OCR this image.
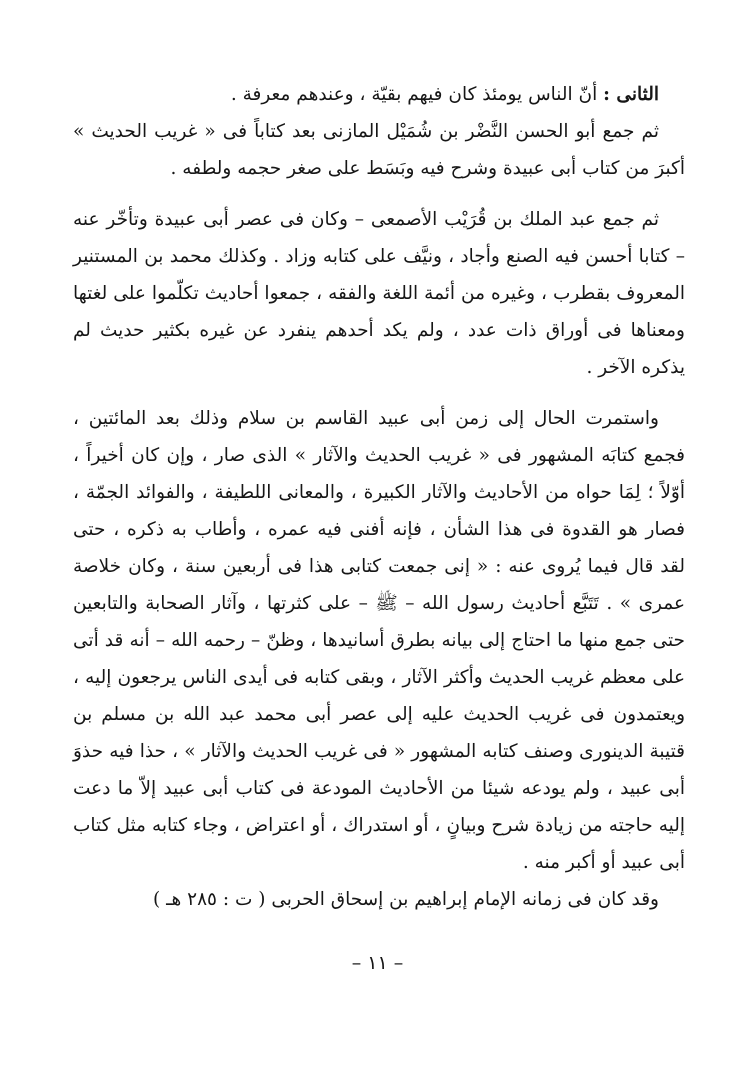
الثانى : أنّ الناس يومئذ كان فيهم بقيّة ، وعندهم معرفة .

ثم جمع أبو الحسن النَّضْر بن شُمَيْل المازنى بعد كتاباً فى « غريب الحديث » أكبرَ من كتاب أبى عبيدة وشرح فيه وبَسَط على صغر حجمه ولطفه .

ثم جمع عبد الملك بن قُرَيْب الأصمعى – وكان فى عصر أبى عبيدة وتأخّر عنه – كتابا أحسن فيه الصنع وأجاد ، ونيَّف على كتابه وزاد . وكذلك محمد بن المستنير المعروف بقطرب ، وغيره من أئمة اللغة والفقه ، جمعوا أحاديث تكلّموا على لغتها ومعناها فى أوراق ذات عدد ، ولم يكد أحدهم ينفرد عن غيره بكثير حديث لم يذكره الآخر .

واستمرت الحال إلى زمن أبى عبيد القاسم بن سلام وذلك بعد المائتين ، فجمع كتابَه المشهور فى « غريب الحديث والآثار » الذى صار ، وإن كان أخيراً ، أوّلاً ؛ لِمَا حواه من الأحاديث والآثار الكبيرة ، والمعانى اللطيفة ، والفوائد الجمّة ، فصار هو القدوة فى هذا الشأن ، فإنه أفنى فيه عمره ، وأطاب به ذكره ، حتى لقد قال فيما يُروى عنه : « إنى جمعت كتابى هذا فى أربعين سنة ، وكان خلاصة عمرى » . تَتَبَّع أحاديث رسول الله – ﷺ – على كثرتها ، وآثار الصحابة والتابعين حتى جمع منها ما احتاج إلى بيانه بطرق أسانيدها ، وظنّ – رحمه الله – أنه قد أتى على معظم غريب الحديث وأكثر الآثار ، وبقى كتابه فى أيدى الناس يرجعون إليه ، ويعتمدون فى غريب الحديث عليه إلى عصر أبى محمد عبد الله بن مسلم بن قتيبة الدينورى وصنف كتابه المشهور « فى غريب الحديث والآثار » ، حذا فيه حذوَ أبى عبيد ، ولم يودعه شيئا من الأحاديث المودعة فى كتاب أبى عبيد إلاّ ما دعت إليه حاجته من زيادة شرح وبيانٍ ، أو استدراك ، أو اعتراض ، وجاء كتابه مثل كتاب أبى عبيد أو أكبر منه .

وقد كان فى زمانه الإمام إبراهيم بن إسحاق الحربى ( ت : ٢٨٥ هـ )

– ١١ –
